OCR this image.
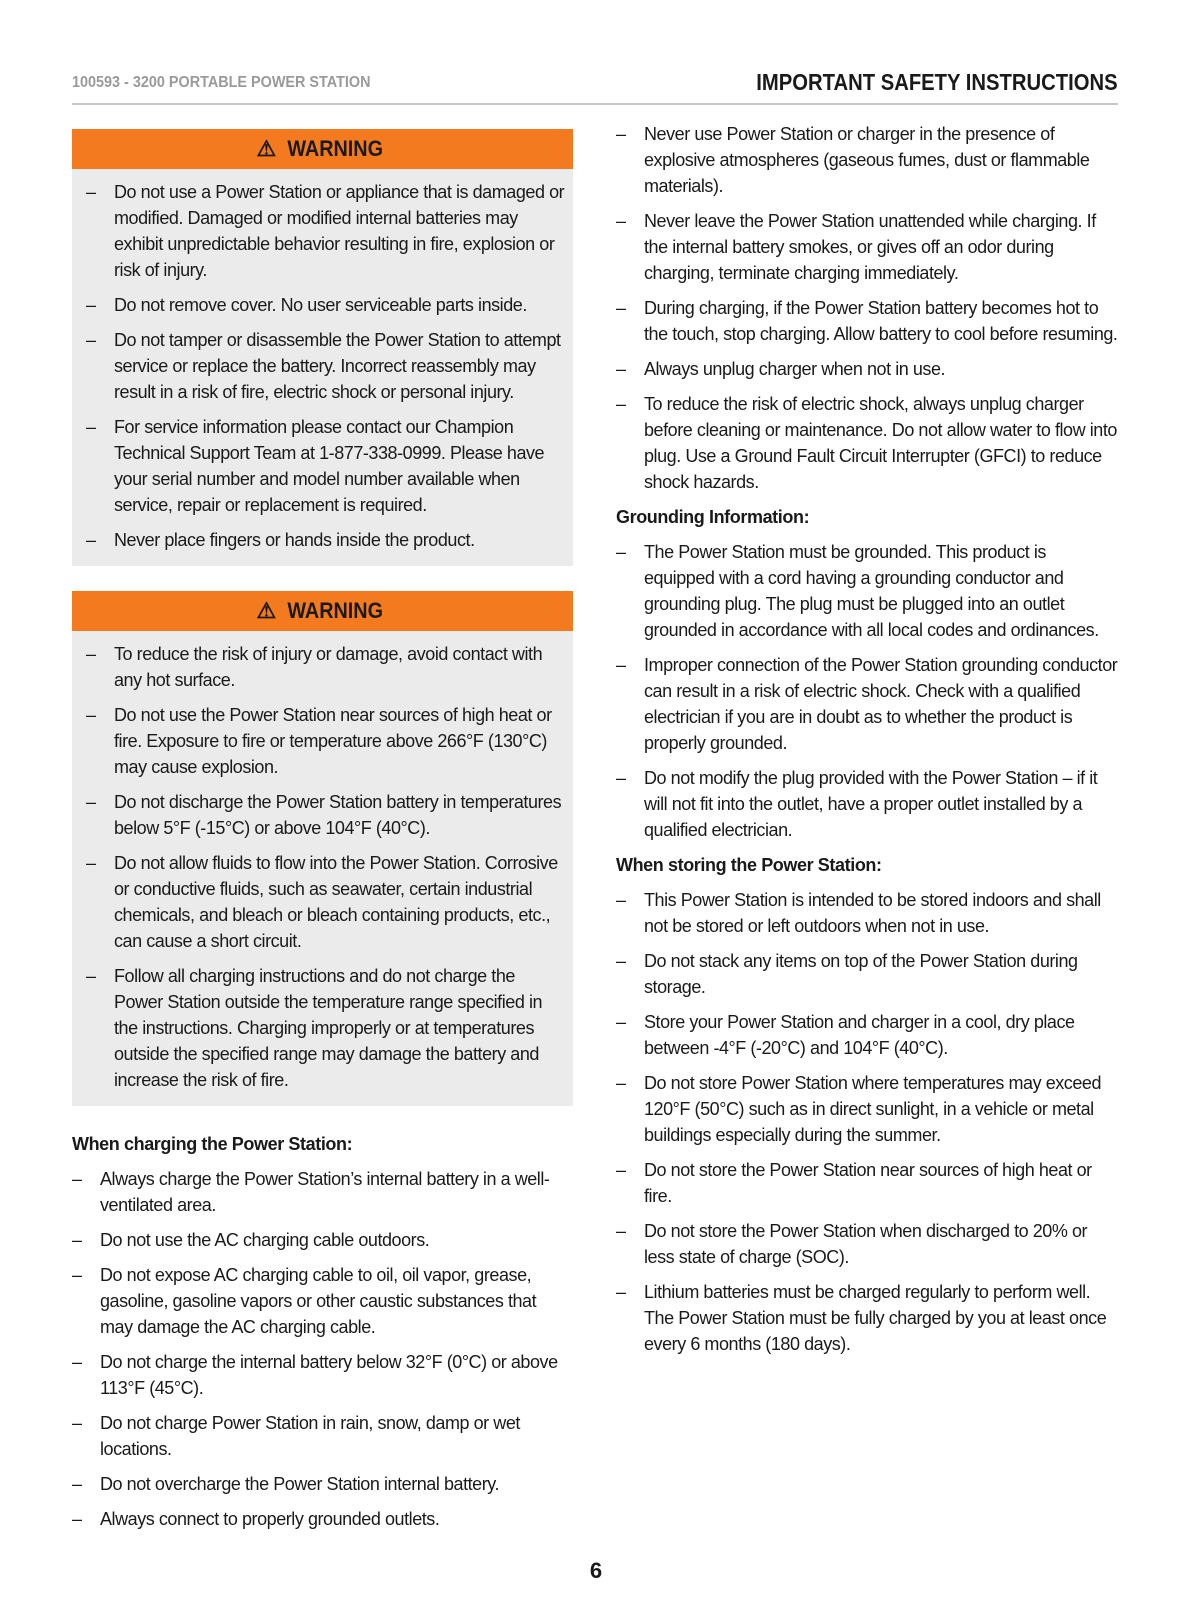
100593 - 3200 PORTABLE POWER STATION	IMPORTANT SAFETY INSTRUCTIONS
⚠ WARNING
–	Do not use a Power Station or appliance that is damaged or modified. Damaged or modified internal batteries may exhibit unpredictable behavior resulting in fire, explosion or risk of injury.
–	Do not remove cover. No user serviceable parts inside.
–	Do not tamper or disassemble the Power Station to attempt service or replace the battery. Incorrect reassembly may result in a risk of fire, electric shock or personal injury.
–	For service information please contact our Champion Technical Support Team at 1-877-338-0999. Please have your serial number and model number available when service, repair or replacement is required.
–	Never place fingers or hands inside the product.
⚠ WARNING
–	To reduce the risk of injury or damage, avoid contact with any hot surface.
–	Do not use the Power Station near sources of high heat or fire. Exposure to fire or temperature above 266°F (130°C) may cause explosion.
–	Do not discharge the Power Station battery in temperatures below 5°F (-15°C) or above 104°F (40°C).
–	Do not allow fluids to flow into the Power Station. Corrosive or conductive fluids, such as seawater, certain industrial chemicals, and bleach or bleach containing products, etc., can cause a short circuit.
–	Follow all charging instructions and do not charge the Power Station outside the temperature range specified in the instructions. Charging improperly or at temperatures outside the specified range may damage the battery and increase the risk of fire.
When charging the Power Station:
–	Always charge the Power Station’s internal battery in a well-ventilated area.
–	Do not use the AC charging cable outdoors.
–	Do not expose AC charging cable to oil, oil vapor, grease, gasoline, gasoline vapors or other caustic substances that may damage the AC charging cable.
–	Do not charge the internal battery below 32°F (0°C) or above 113°F (45°C).
–	Do not charge Power Station in rain, snow, damp or wet locations.
–	Do not overcharge the Power Station internal battery.
–	Always connect to properly grounded outlets.
–	Never use Power Station or charger in the presence of explosive atmospheres (gaseous fumes, dust or flammable materials).
–	Never leave the Power Station unattended while charging. If the internal battery smokes, or gives off an odor during charging, terminate charging immediately.
–	During charging, if the Power Station battery becomes hot to the touch, stop charging. Allow battery to cool before resuming.
–	Always unplug charger when not in use.
–	To reduce the risk of electric shock, always unplug charger before cleaning or maintenance. Do not allow water to flow into plug. Use a Ground Fault Circuit Interrupter (GFCI) to reduce shock hazards.
Grounding Information:
–	The Power Station must be grounded. This product is equipped with a cord having a grounding conductor and grounding plug. The plug must be plugged into an outlet grounded in accordance with all local codes and ordinances.
–	Improper connection of the Power Station grounding conductor can result in a risk of electric shock. Check with a qualified electrician if you are in doubt as to whether the product is properly grounded.
–	Do not modify the plug provided with the Power Station – if it will not fit into the outlet, have a proper outlet installed by a qualified electrician.
When storing the Power Station:
–	This Power Station is intended to be stored indoors and shall not be stored or left outdoors when not in use.
–	Do not stack any items on top of the Power Station during storage.
–	Store your Power Station and charger in a cool, dry place between -4°F (-20°C) and 104°F (40°C).
–	Do not store Power Station where temperatures may exceed 120°F (50°C) such as in direct sunlight, in a vehicle or metal buildings especially during the summer.
–	Do not store the Power Station near sources of high heat or fire.
–	Do not store the Power Station when discharged to 20% or less state of charge (SOC).
–	Lithium batteries must be charged regularly to perform well. The Power Station must be fully charged by you at least once every 6 months (180 days).
6
